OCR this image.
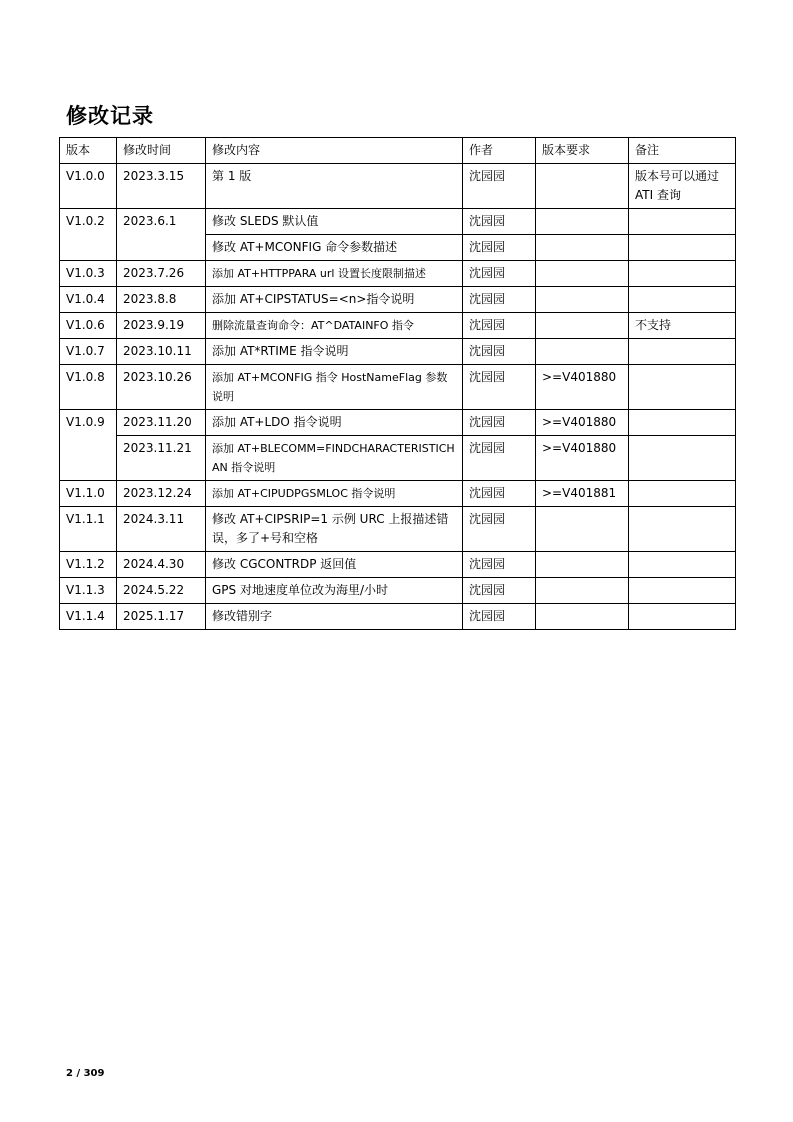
修改记录
版本	修改时间	修改内容	作者	版本要求	备注
V1.0.0	2023.3.15	第 1 版	沈园园		版本号可以通过 ATI 查询
V1.0.2	2023.6.1	修改 SLEDS 默认值	沈园园		
		修改 AT+MCONFIG 命令参数描述	沈园园		
V1.0.3	2023.7.26	添加 AT+HTTPPARA url 设置长度限制描述	沈园园		
V1.0.4	2023.8.8	添加 AT+CIPSTATUS=<n>指令说明	沈园园		
V1.0.6	2023.9.19	删除流量查询命令：AT^DATAINFO 指令	沈园园		不支持
V1.0.7	2023.10.11	添加 AT*RTIME 指令说明	沈园园		
V1.0.8	2023.10.26	添加 AT+MCONFIG 指令 HostNameFlag 参数说明	沈园园	>=V401880	
V1.0.9	2023.11.20	添加 AT+LDO 指令说明	沈园园	>=V401880	
	2023.11.21	添加 AT+BLECOMM=FINDCHARACTERISTICHAN 指令说明	沈园园	>=V401880	
V1.1.0	2023.12.24	添加 AT+CIPUDPGSMLOC 指令说明	沈园园	>=V401881	
V1.1.1	2024.3.11	修改 AT+CIPSRIP=1 示例 URC 上报描述错误，多了+号和空格	沈园园		
V1.1.2	2024.4.30	修改 CGCONTRDP 返回值	沈园园		
V1.1.3	2024.5.22	GPS 对地速度单位改为海里/小时	沈园园		
V1.1.4	2025.1.17	修改错别字	沈园园		
2 / 309
